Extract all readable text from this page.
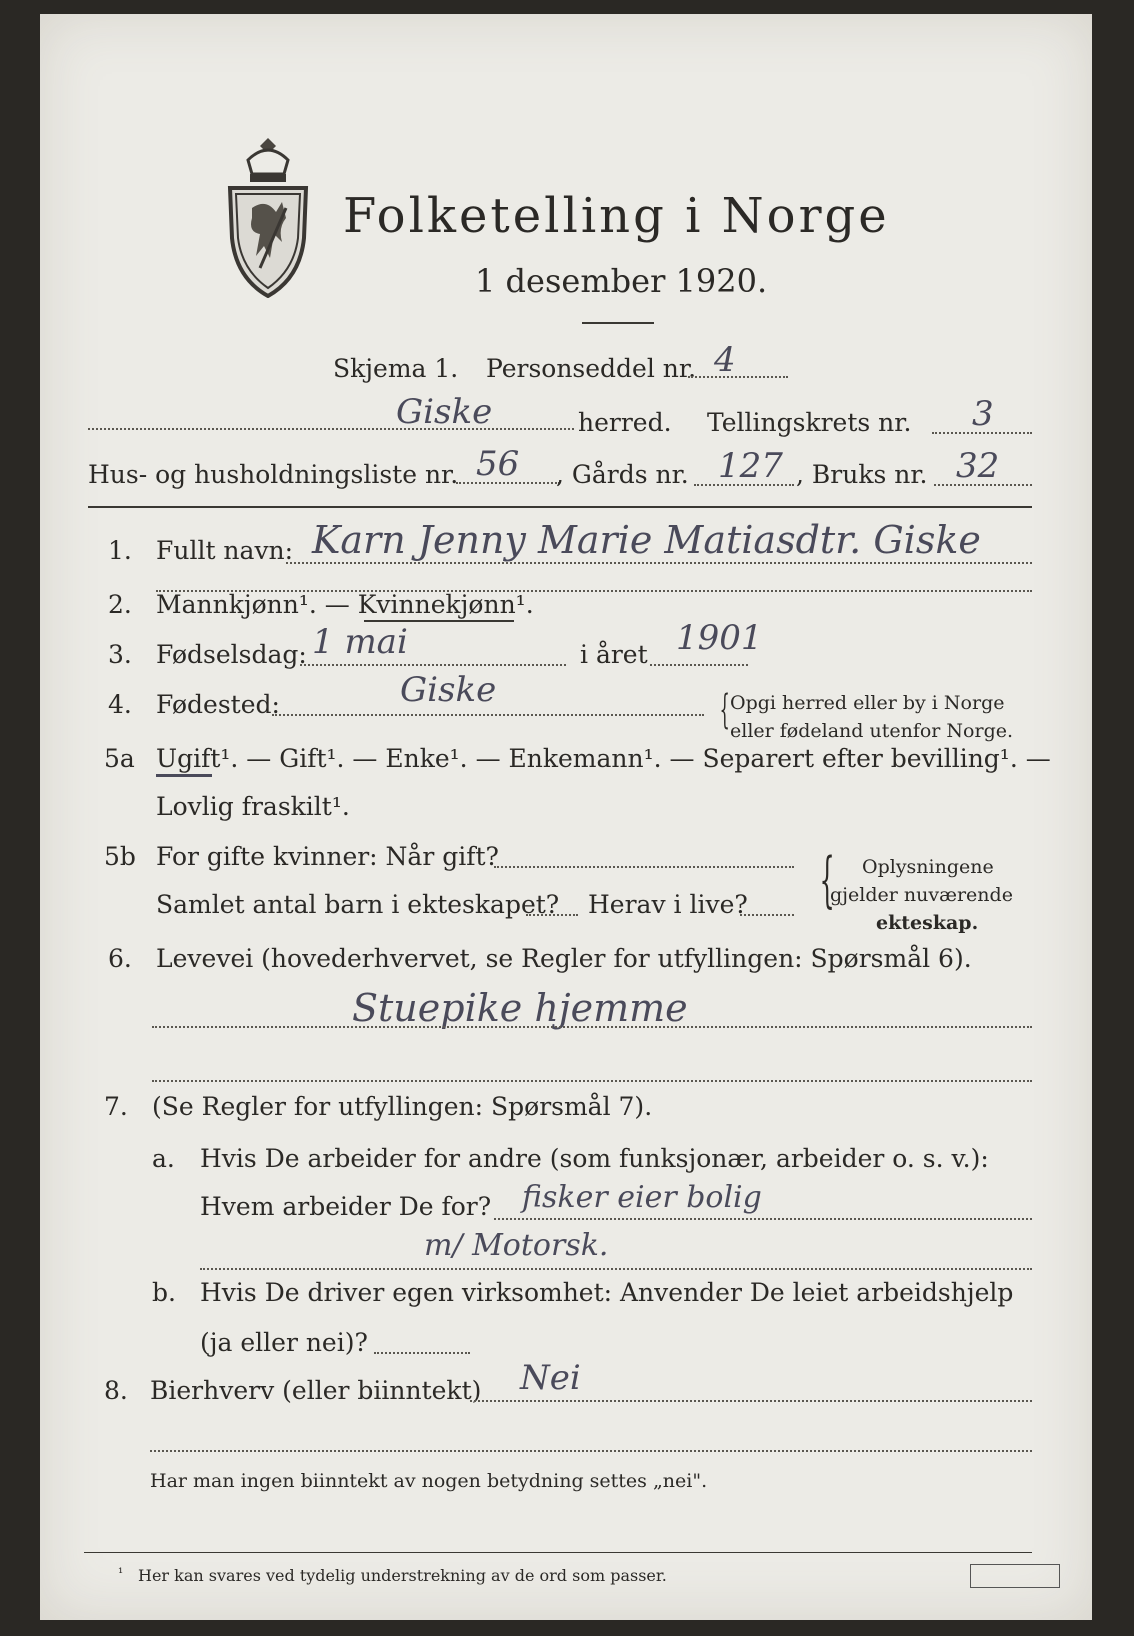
Folketelling i Norge
1 desember 1920.
Skjema 1. Personseddel nr. 4
Giske	herred. Tellingskrets nr. 3
Hus- og husholdningsliste nr. 56 , Gårds nr. 127 , Bruks nr. 32
1. Fullt navn: Karn Jenny Marie Matiasdtr. Giske
2. Mannkjønn¹. — Kvinnekjønn¹.
3. Fødselsdag: 1 mai	i året 1901
4. Fødested:	Giske	{ Opgi herred eller by i Norge
eller fødeland utenfor Norge.
5a Ugift¹. — Gift¹. — Enke¹. — Enkemann¹. — Separert efter bevilling¹. —
Lovlig fraskilt¹.
5b For gifte kvinner: Når gift?
Samlet antal barn i ekteskapet? Herav i live? { Oplysningene
gjelder nuværende
ekteskap.
6. Levevei (hovederhvervet, se Regler for utfyllingen: Spørsmål 6).
Stuepike hjemme
7. (Se Regler for utfyllingen: Spørsmål 7).
a. Hvis De arbeider for andre (som funksjonær, arbeider o. s. v.):
Hvem arbeider De for? fisker eier bolig
m/ Motorsk.
b. Hvis De driver egen virksomhet: Anvender De leiet arbeidshjelp
(ja eller nei)?
8. Bierhverv (eller biinntekt) Nei
Har man ingen biinntekt av nogen betydning settes „nei".
¹ Her kan svares ved tydelig understrekning av de ord som passer.
